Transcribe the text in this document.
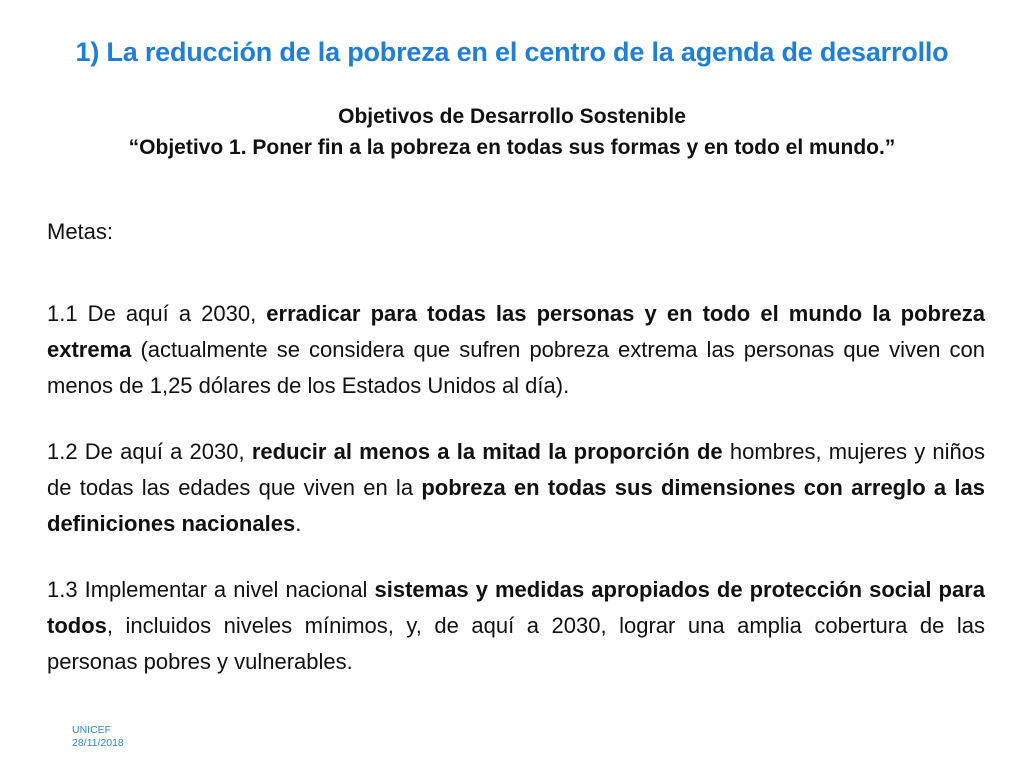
1) La reducción de la pobreza en el centro de la agenda de desarrollo
Objetivos de Desarrollo Sostenible
“Objetivo 1. Poner fin a la pobreza en todas sus formas y en todo el mundo.”
Metas:

1.1 De aquí a 2030, erradicar para todas las personas y en todo el mundo la pobreza extrema (actualmente se considera que sufren pobreza extrema las personas que viven con menos de 1,25 dólares de los Estados Unidos al día).

1.2 De aquí a 2030, reducir al menos a la mitad la proporción de hombres, mujeres y niños de todas las edades que viven en la pobreza en todas sus dimensiones con arreglo a las definiciones nacionales.

1.3 Implementar a nivel nacional sistemas y medidas apropiados de protección social para todos, incluidos niveles mínimos, y, de aquí a 2030, lograr una amplia cobertura de las personas pobres y vulnerables.

UNICEF
28/11/2018
